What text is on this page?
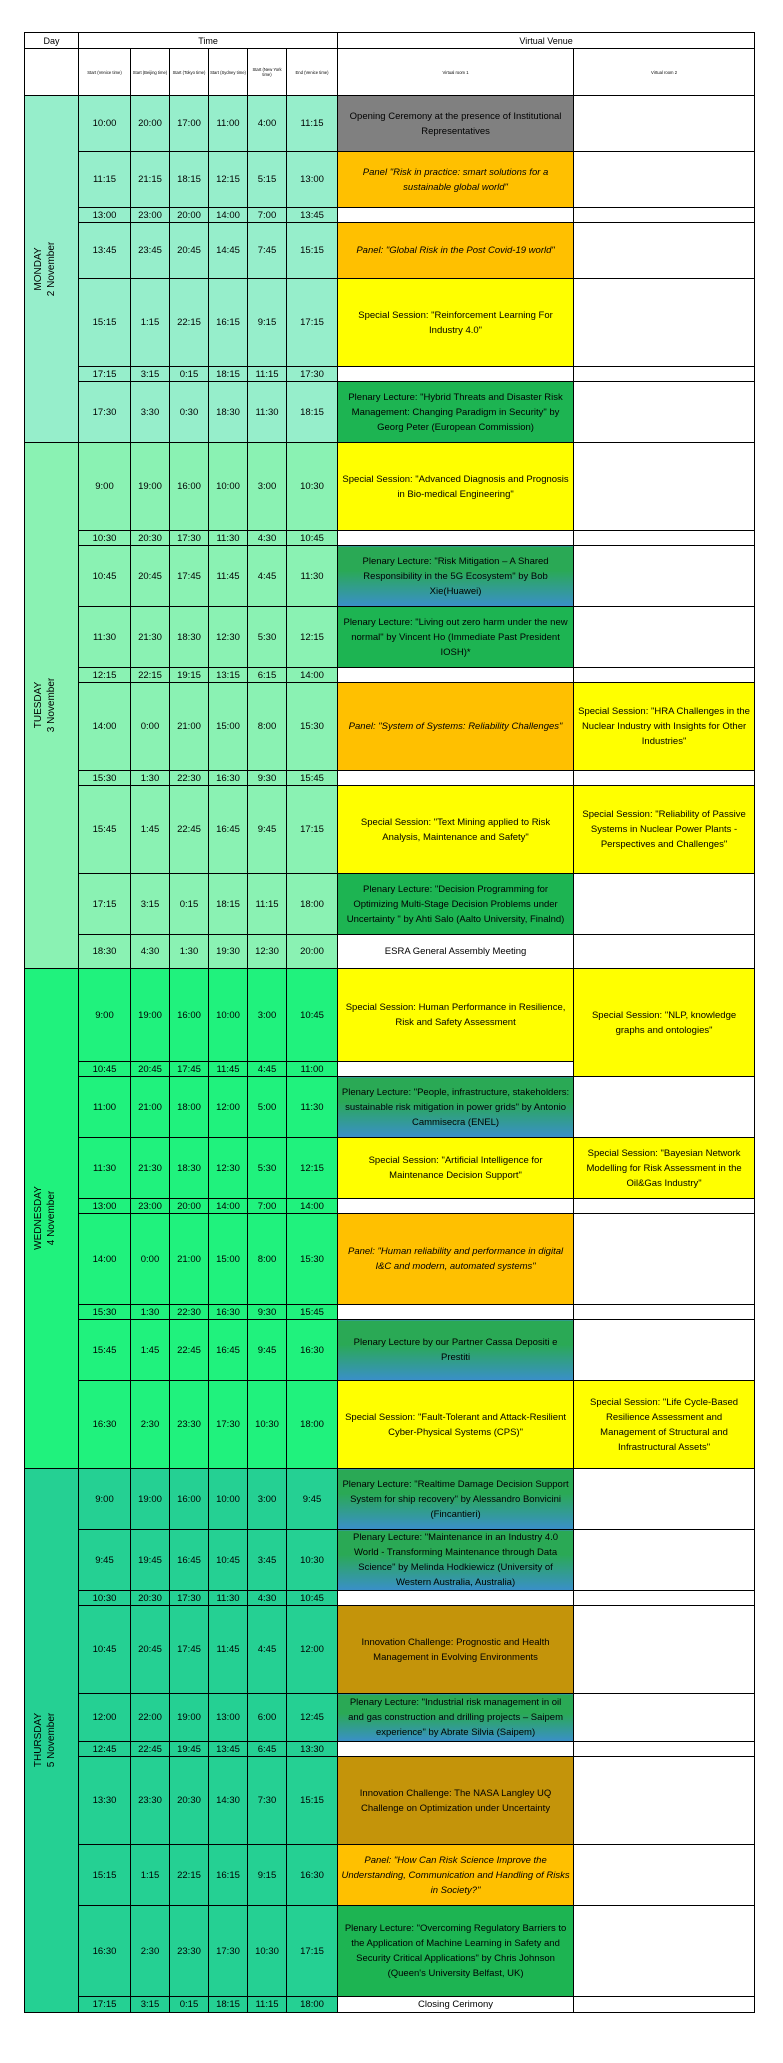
Day	Time						Virtual Venue	
	Start (Venice time)	Start (Beijing time)	Start (Tokyo time)	Start (Sydney time)	Start (New York time)	End (Venice time)	Virtual room 1	Virtual room 2

MONDAY 2 November	10:00	20:00	17:00	11:00	4:00	11:15	Opening Ceremony at the presence of Institutional Representatives	
	11:15	21:15	18:15	12:15	5:15	13:00	Panel "Risk in practice: smart solutions for a sustainable global world"	
	13:00	23:00	20:00	14:00	7:00	13:45		
	13:45	23:45	20:45	14:45	7:45	15:15	Panel: "Global Risk in the Post Covid-19 world"	
	15:15	1:15	22:15	16:15	9:15	17:15	Special Session: "Reinforcement Learning For Industry 4.0"	
	17:15	3:15	0:15	18:15	11:15	17:30		
	17:30	3:30	0:30	18:30	11:30	18:15	Plenary Lecture: "Hybrid Threats and Disaster Risk Management: Changing Paradigm in Security" by Georg Peter (European Commission)	

TUESDAY 3 November	9:00	19:00	16:00	10:00	3:00	10:30	Special Session: "Advanced Diagnosis and Prognosis in Bio-medical Engineering"	
	10:30	20:30	17:30	11:30	4:30	10:45		
	10:45	20:45	17:45	11:45	4:45	11:30	Plenary Lecture: "Risk Mitigation – A Shared Responsibility in the 5G Ecosystem" by Bob Xie(Huawei)	
	11:30	21:30	18:30	12:30	5:30	12:15	Plenary Lecture: "Living out zero harm under the new normal" by Vincent Ho (Immediate Past President IOSH)*	
	12:15	22:15	19:15	13:15	6:15	14:00		
	14:00	0:00	21:00	15:00	8:00	15:30	Panel: "System of Systems: Reliability Challenges"	Special Session: "HRA Challenges in the Nuclear Industry with Insights for Other Industries"
	15:30	1:30	22:30	16:30	9:30	15:45		
	15:45	1:45	22:45	16:45	9:45	17:15	Special Session: "Text Mining applied to Risk Analysis, Maintenance and Safety"	Special Session: "Reliability of Passive Systems in Nuclear Power Plants - Perspectives and Challenges"
	17:15	3:15	0:15	18:15	11:15	18:00	Plenary Lecture: "Decision Programming for Optimizing Multi-Stage Decision Problems under Uncertainty " by Ahti Salo (Aalto University, Finalnd)	
	18:30	4:30	1:30	19:30	12:30	20:00	ESRA General Assembly Meeting	

WEDNESDAY 4 November	9:00	19:00	16:00	10:00	3:00	10:45	Special Session: Human Performance in Resilience, Risk and Safety Assessment	Special Session: "NLP, knowledge graphs and ontologies"
	10:45	20:45	17:45	11:45	4:45	11:00		
	11:00	21:00	18:00	12:00	5:00	11:30	Plenary Lecture: "People, infrastructure, stakeholders: sustainable risk mitigation in power grids" by Antonio Cammisecra (ENEL)	
	11:30	21:30	18:30	12:30	5:30	12:15	Special Session: "Artificial Intelligence for Maintenance Decision Support"	Special Session: "Bayesian Network Modelling for Risk Assessment in the Oil&Gas Industry"
	13:00	23:00	20:00	14:00	7:00	14:00		
	14:00	0:00	21:00	15:00	8:00	15:30	Panel: "Human reliability and performance in digital I&C and modern, automated systems"	
	15:30	1:30	22:30	16:30	9:30	15:45		
	15:45	1:45	22:45	16:45	9:45	16:30	Plenary Lecture by our Partner Cassa Depositi e Prestiti	
	16:30	2:30	23:30	17:30	10:30	18:00	Special Session: "Fault-Tolerant and Attack-Resilient Cyber-Physical Systems (CPS)"	Special Session: "Life Cycle-Based Resilience Assessment and Management of Structural and Infrastructural Assets"

THURSDAY 5 November	9:00	19:00	16:00	10:00	3:00	9:45	Plenary Lecture: "Realtime Damage Decision Support System for ship recovery" by Alessandro Bonvicini (Fincantieri)	
	9:45	19:45	16:45	10:45	3:45	10:30	Plenary Lecture: "Maintenance in an Industry 4.0 World - Transforming Maintenance through Data Science" by Melinda Hodkiewicz (University of Western Australia, Australia)	
	10:30	20:30	17:30	11:30	4:30	10:45		
	10:45	20:45	17:45	11:45	4:45	12:00	Innovation Challenge: Prognostic and Health Management in Evolving Environments	
	12:00	22:00	19:00	13:00	6:00	12:45	Plenary Lecture: "Industrial risk management in oil and gas construction and drilling projects – Saipem experience" by Abrate Silvia (Saipem)	
	12:45	22:45	19:45	13:45	6:45	13:30		
	13:30	23:30	20:30	14:30	7:30	15:15	Innovation Challenge: The NASA Langley UQ Challenge on Optimization under Uncertainty	
	15:15	1:15	22:15	16:15	9:15	16:30	Panel: "How Can Risk Science Improve the Understanding, Communication and Handling of Risks in Society?"	
	16:30	2:30	23:30	17:30	10:30	17:15	Plenary Lecture: "Overcoming Regulatory Barriers to the Application of Machine Learning in Safety and Security Critical Applications" by Chris Johnson (Queen's University Belfast, UK)	
	17:15	3:15	0:15	18:15	11:15	18:00	Closing Cerimony	
